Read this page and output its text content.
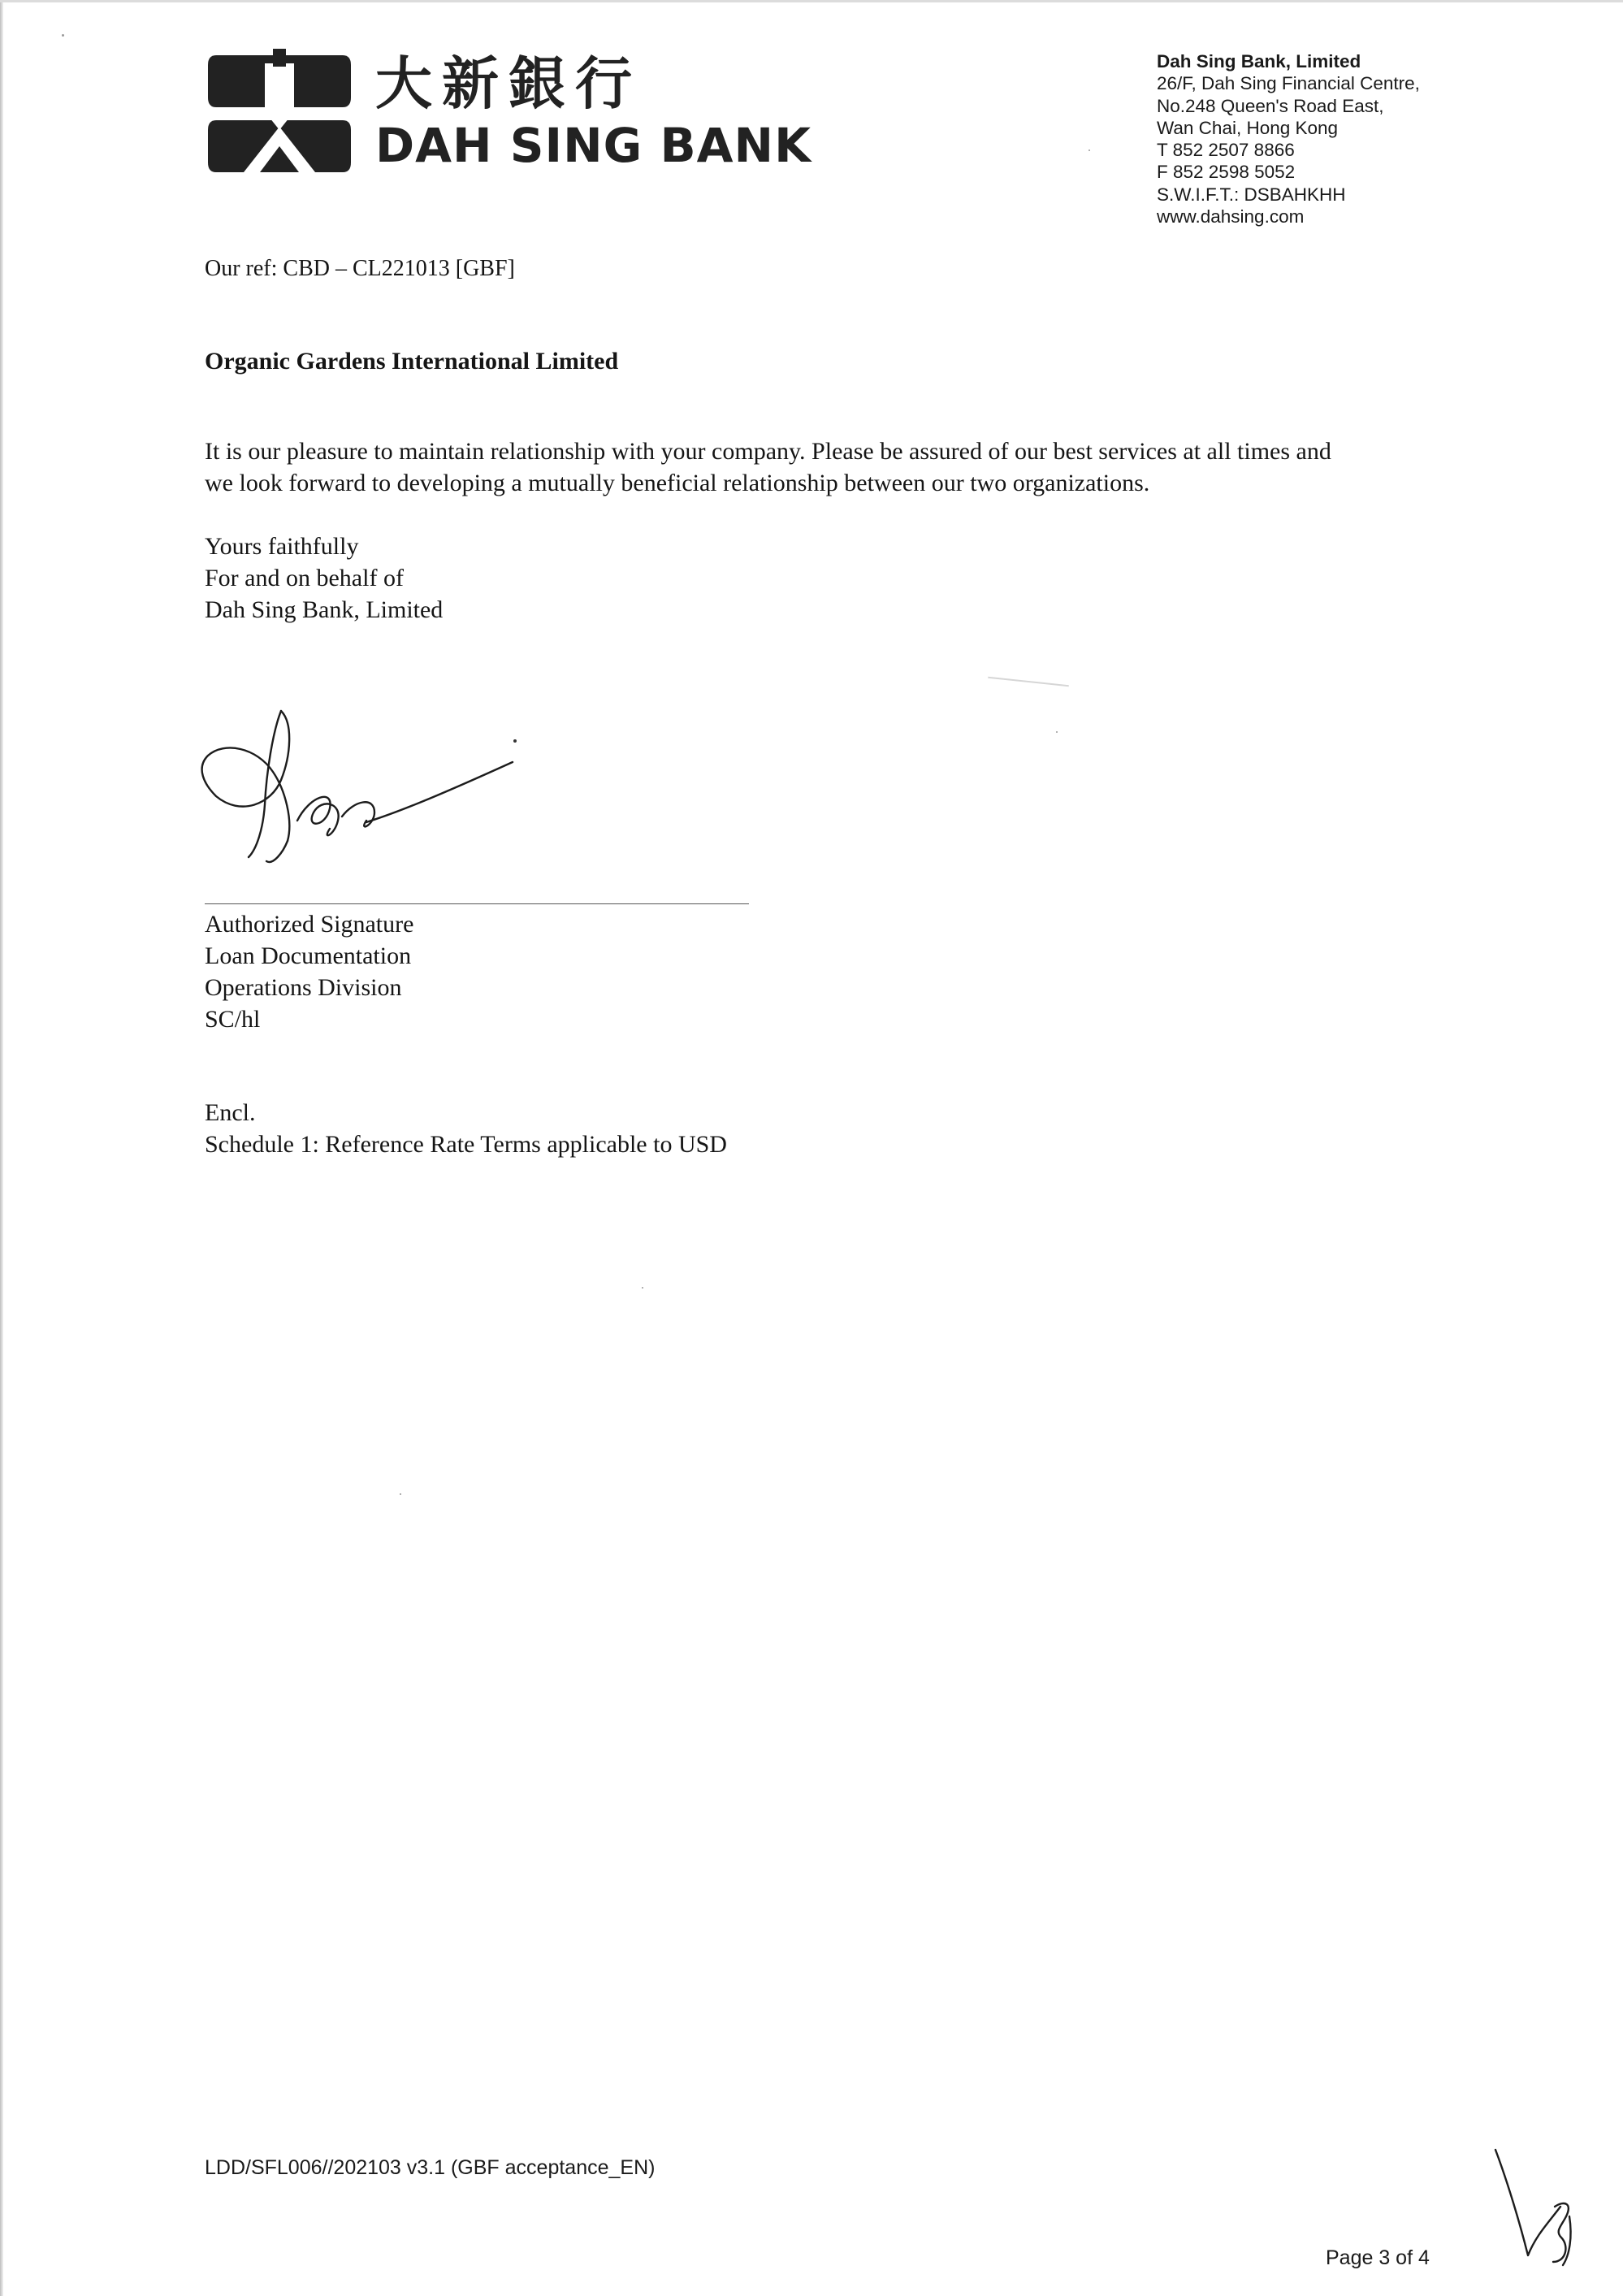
大新銀行
DAH SING BANK
Dah Sing Bank, Limited
26/F, Dah Sing Financial Centre,
No.248 Queen's Road East,
Wan Chai, Hong Kong
T 852 2507 8866
F 852 2598 5052
S.W.I.F.T.: DSBAHKHH
www.dahsing.com
Our ref: CBD – CL221013 [GBF]
Organic Gardens International Limited
It is our pleasure to maintain relationship with your company. Please be assured of our best services at all times and
we look forward to developing a mutually beneficial relationship between our two organizations.
Yours faithfully
For and on behalf of
Dah Sing Bank, Limited
Authorized Signature
Loan Documentation
Operations Division
SC/hl
Encl.
Schedule 1: Reference Rate Terms applicable to USD
LDD/SFL006//202103 v3.1 (GBF acceptance_EN)
Page 3 of 4
